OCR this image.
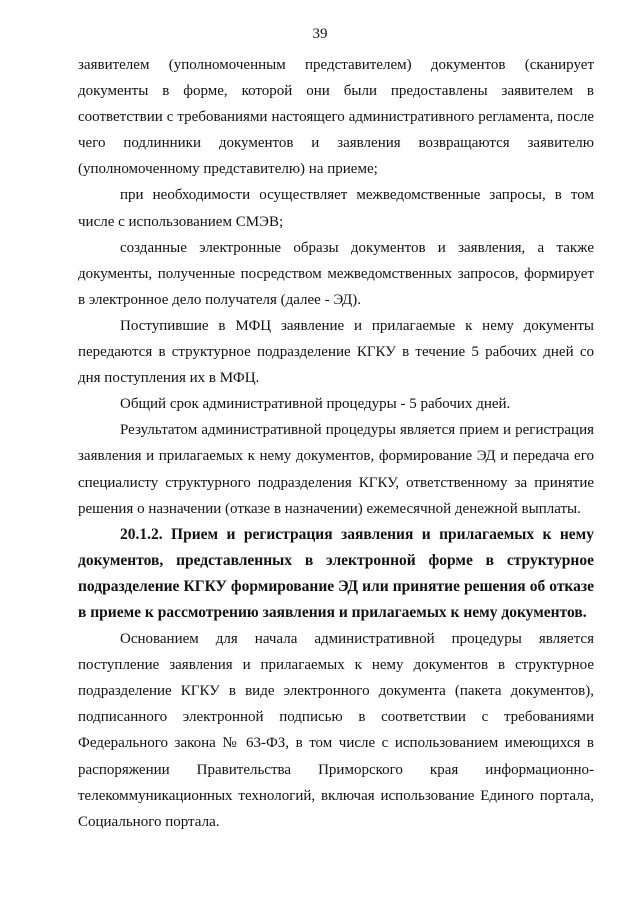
39

заявителем (уполномоченным представителем) документов (сканирует документы в форме, которой они были предоставлены заявителем в соответствии с требованиями настоящего административного регламента, после чего подлинники документов и заявления возвращаются заявителю (уполномоченному представителю) на приеме;

при необходимости осуществляет межведомственные запросы, в том числе с использованием СМЭВ;

созданные электронные образы документов и заявления, а также документы, полученные посредством межведомственных запросов, формирует в электронное дело получателя (далее - ЭД).

Поступившие в МФЦ заявление и прилагаемые к нему документы передаются в структурное подразделение КГКУ в течение 5 рабочих дней со дня поступления их в МФЦ.

Общий срок административной процедуры - 5 рабочих дней.

Результатом административной процедуры является прием и регистрация заявления и прилагаемых к нему документов, формирование ЭД и передача его специалисту структурного подразделения КГКУ, ответственному за принятие решения о назначении (отказе в назначении) ежемесячной денежной выплаты.

20.1.2. Прием и регистрация заявления и прилагаемых к нему документов, представленных в электронной форме в структурное подразделение КГКУ формирование ЭД или принятие решения об отказе в приеме к рассмотрению заявления и прилагаемых к нему документов.

Основанием для начала административной процедуры является поступление заявления и прилагаемых к нему документов в структурное подразделение КГКУ в виде электронного документа (пакета документов), подписанного электронной подписью в соответствии с требованиями Федерального закона № 63-ФЗ, в том числе с использованием имеющихся в распоряжении Правительства Приморского края информационно-телекоммуникационных технологий, включая использование Единого портала, Социального портала.
